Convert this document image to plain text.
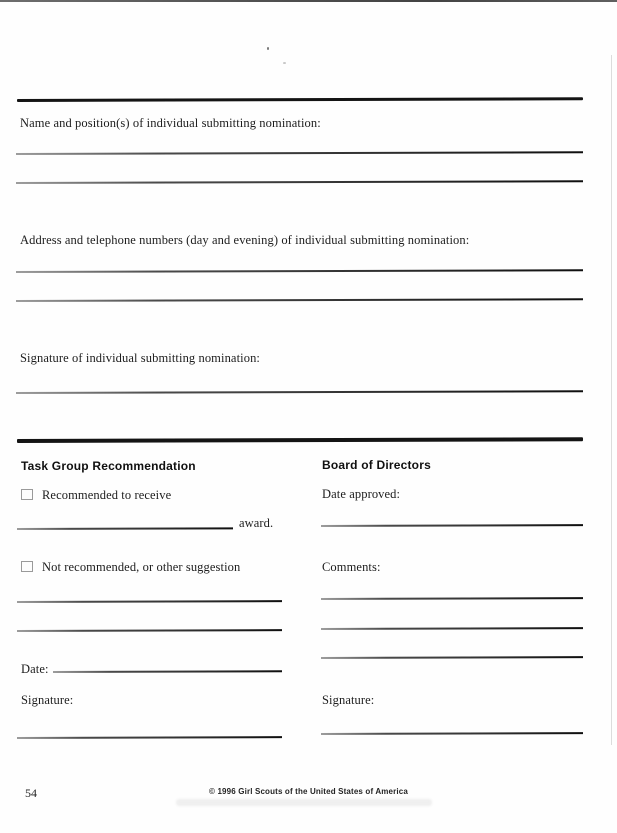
Name and position(s) of individual submitting nomination:
Address and telephone numbers (day and evening) of individual submitting nomination:
Signature of individual submitting nomination:
Task Group Recommendation
Recommended to receive
award.
Not recommended, or other suggestion
Date:
Signature:
Board of Directors
Date approved:
Comments:
Signature:
54	© 1996 Girl Scouts of the United States of America
